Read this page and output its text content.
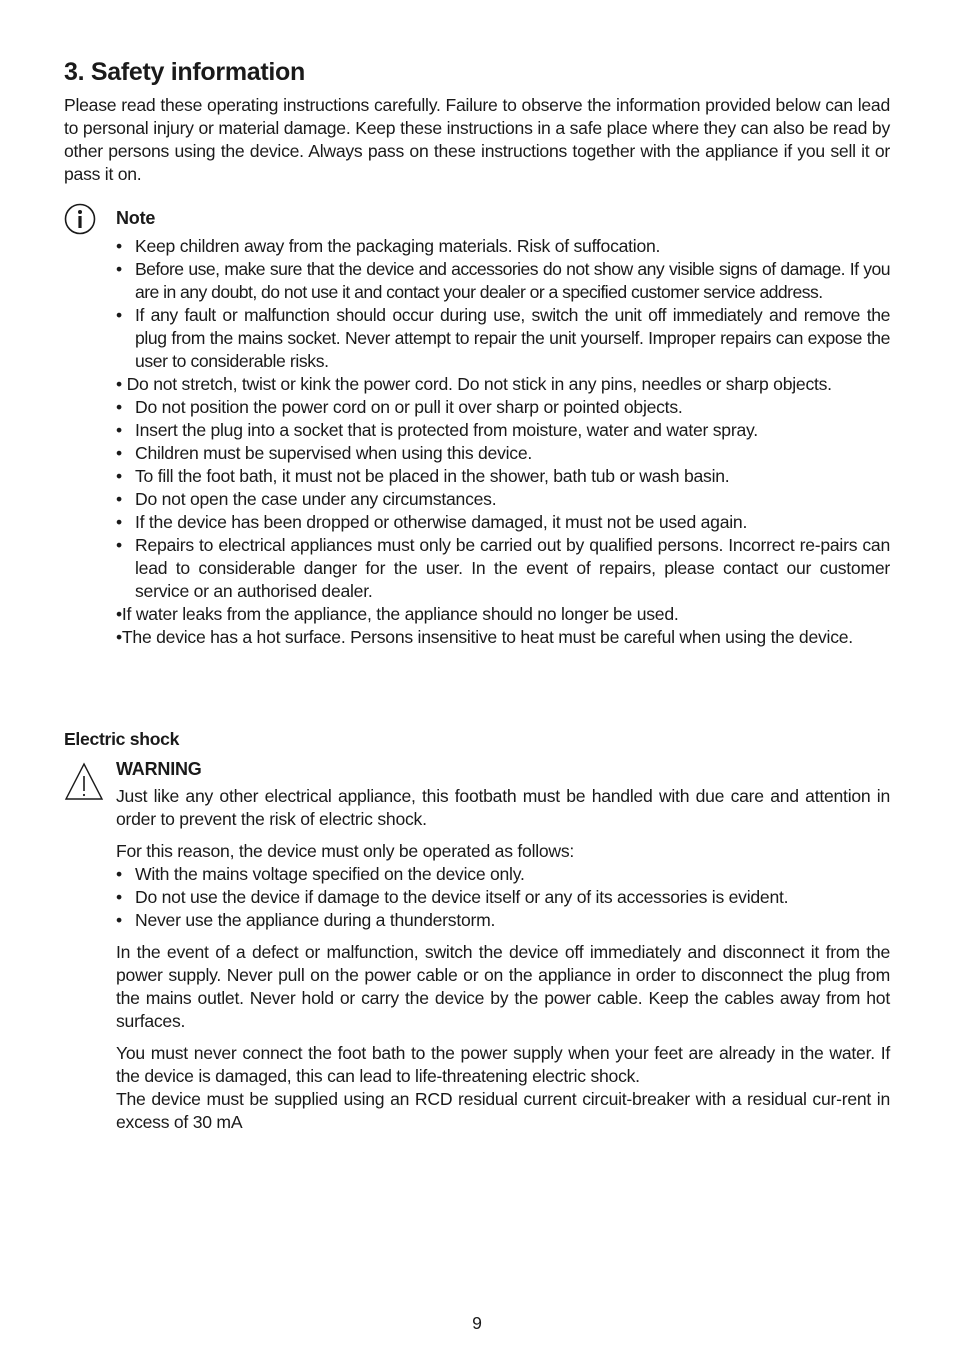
3. Safety information

Please read these operating instructions carefully. Failure to observe the information provided below can lead to personal injury or material damage. Keep these instructions in a safe place where they can also be read by other persons using the device. Always pass on these instructions together with the appliance if you sell it or pass it on.

Note
• Keep children away from the packaging materials. Risk of suffocation.
• Before use, make sure that the device and accessories do not show any visible signs of damage. If you are in any doubt, do not use it and contact your dealer or a specified customer service address.
• If any fault or malfunction should occur during use, switch the unit off immediately and remove the plug from the mains socket. Never attempt to repair the unit yourself. Improper repairs can expose the user to considerable risks.
• Do not stretch, twist or kink the power cord. Do not stick in any pins, needles or sharp objects.
• Do not position the power cord on or pull it over sharp or pointed objects.
• Insert the plug into a socket that is protected from moisture, water and water spray.
• Children must be supervised when using this device.
• To fill the foot bath, it must not be placed in the shower, bath tub or wash basin.
• Do not open the case under any circumstances.
• If the device has been dropped or otherwise damaged, it must not be used again.
• Repairs to electrical appliances must only be carried out by qualified persons. Incorrect re-pairs can lead to considerable danger for the user. In the event of repairs, please contact our customer service or an authorised dealer.
• If water leaks from the appliance, the appliance should no longer be used.
• The device has a hot surface. Persons insensitive to heat must be careful when using the device.
Electric shock
WARNING

Just like any other electrical appliance, this footbath must be handled with due care and attention in order to prevent the risk of electric shock.

For this reason, the device must only be operated as follows:

• With the mains voltage specified on the device only.
• Do not use the device if damage to the device itself or any of its accessories is evident.
• Never use the appliance during a thunderstorm.

In the event of a defect or malfunction, switch the device off immediately and disconnect it from the power supply. Never pull on the power cable or on the appliance in order to disconnect the plug from the mains outlet. Never hold or carry the device by the power cable. Keep the cables away from hot surfaces.

You must never connect the foot bath to the power supply when your feet are already in the water. If the device is damaged, this can lead to life-threatening electric shock.

The device must be supplied using an RCD residual current circuit-breaker with a residual cur-rent in excess of 30 mA

9
